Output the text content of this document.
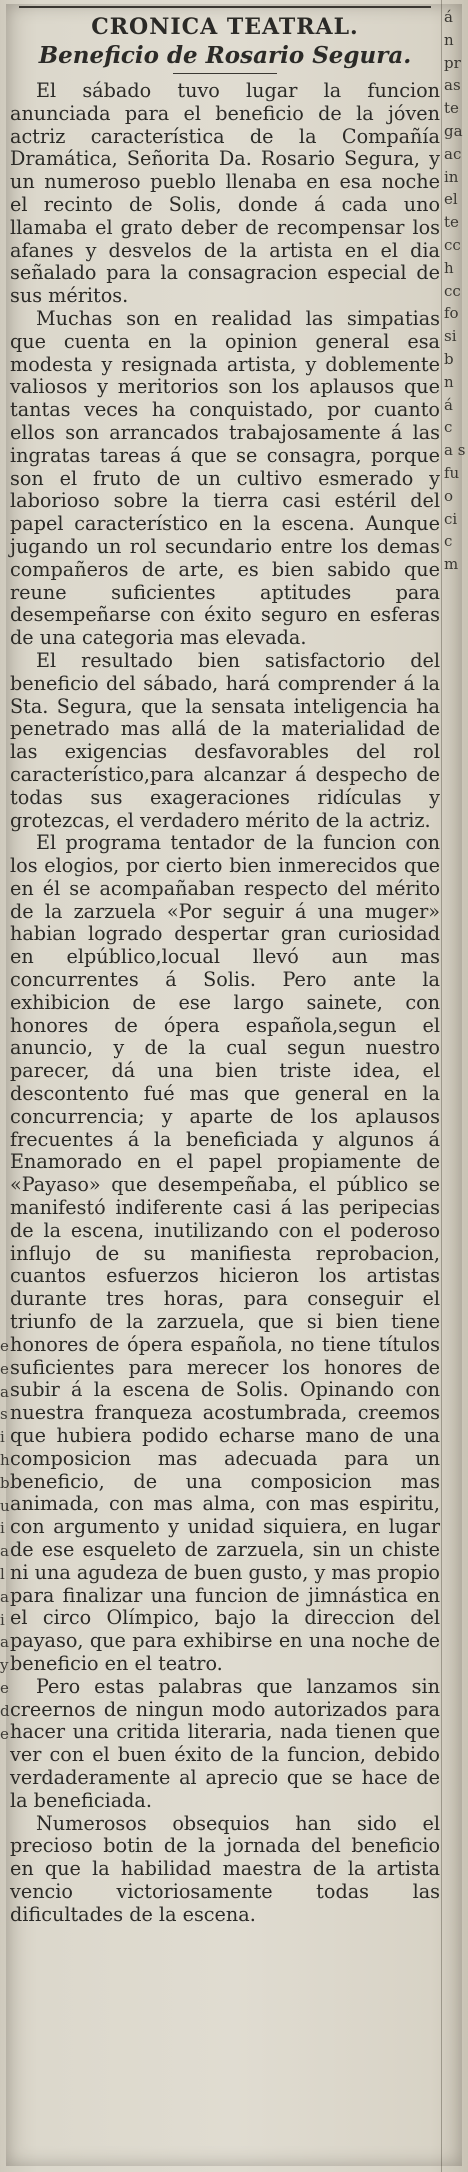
CRONICA TEATRAL.
Beneficio de Rosario Segura.

El sábado tuvo lugar la funcion anunciada para el beneficio de la jóven actriz característica de la Compañía Dramática, Señorita Da. Rosario Segura, y un numeroso pueblo llenaba en esa noche el recinto de Solis, donde á cada uno llamaba el grato deber de recompensar los afanes y desvelos de la artista en el dia señalado para la consagracion especial de sus méritos.

Muchas son en realidad las simpatias que cuenta en la opinion general esa modesta y resignada artista, y doblemente valiosos y meritorios son los aplausos que tantas veces ha conquistado, por cuanto ellos son arrancados trabajosamente á las ingratas tareas á que se consagra, porque son el fruto de un cultivo esmerado y laborioso sobre la tierra casi estéril del papel característico en la escena. Aunque jugando un rol secundario entre los demas compañeros de arte, es bien sabido que reune suficientes aptitudes para desempeñarse con éxito seguro en esferas de una categoria mas elevada.

El resultado bien satisfactorio del beneficio del sábado, hará comprender á la Sta. Segura, que la sensata inteligencia ha penetrado mas allá de la materialidad de las exigencias desfavorables del rol característico,para alcanzar á despecho de todas sus exageraciones ridículas y grotezcas, el verdadero mérito de la actriz.

El programa tentador de la funcion con los elogios, por cierto bien inmerecidos que en él se acompañaban respecto del mérito de la zarzuela «Por seguir á una muger» habian logrado despertar gran curiosidad en elpúblico,locual llevó aun mas concurrentes á Solis. Pero ante la exhibicion de ese largo sainete, con honores de ópera española,segun el anuncio, y de la cual segun nuestro parecer, dá una bien triste idea, el descontento fué mas que general en la concurrencia; y aparte de los aplausos frecuentes á la beneficiada y algunos á Enamorado en el papel propiamente de «Payaso» que desempeñaba, el público se manifestó indiferente casi á las peripecias de la escena, inutilizando con el poderoso influjo de su manifiesta reprobacion, cuantos esfuerzos hicieron los artistas durante tres horas, para conseguir el triunfo de la zarzuela, que si bien tiene honores de ópera española, no tiene títulos suficientes para merecer los honores de subir á la escena de Solis. Opinando con nuestra franqueza acostumbrada, creemos que hubiera podido echarse mano de una composicion mas adecuada para un beneficio, de una composicion mas animada, con mas alma, con mas espiritu, con argumento y unidad siquiera, en lugar de ese esqueleto de zarzuela, sin un chiste ni una agudeza de buen gusto, y mas propio para finalizar una funcion de jimnástica en el circo Olímpico, bajo la direccion del payaso, que para exhibirse en una noche de beneficio en el teatro.

Pero estas palabras que lanzamos sin creernos de ningun modo autorizados para hacer una critida literaria, nada tienen que ver con el buen éxito de la funcion, debido verdaderamente al aprecio que se hace de la beneficiada.

Numerosos obsequios han sido el precioso botin de la jornada del beneficio en que la habilidad maestra de la artista vencio victoriosamente todas las dificultades de la escena.

á n pr as te ga ac in el te cc h cc fo si b n á c a s fu o ci c m
e e a si h bu ia la ia ye de
